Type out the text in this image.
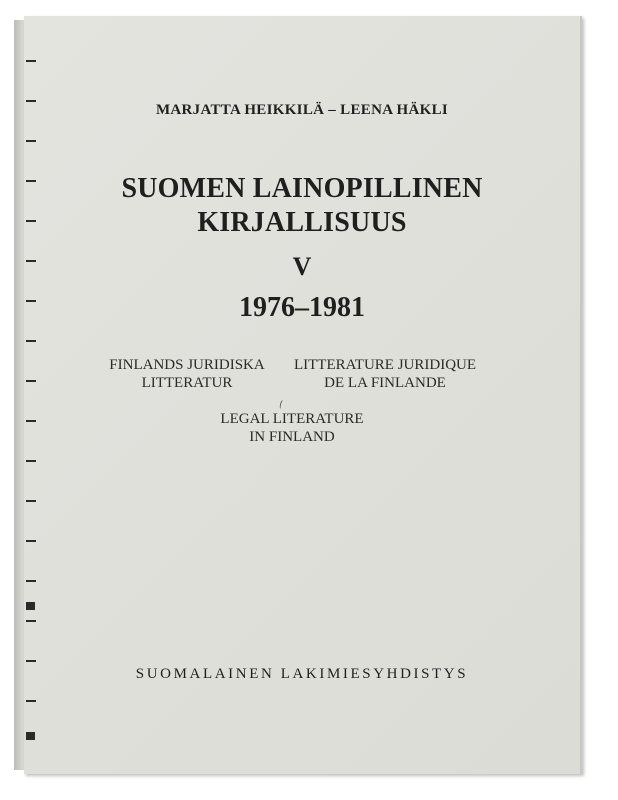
MARJATTA HEIKKILÄ – LEENA HÄKLI
SUOMEN LAINOPILLINEN
KIRJALLISUUS
V
1976–1981
FINLANDS JURIDISKA
LITTERATUR
LITTERATURE JURIDIQUE
DE LA FINLANDE
LEGAL LITERATURE
IN FINLAND
SUOMALAINEN LAKIMIESYHDISTYS
